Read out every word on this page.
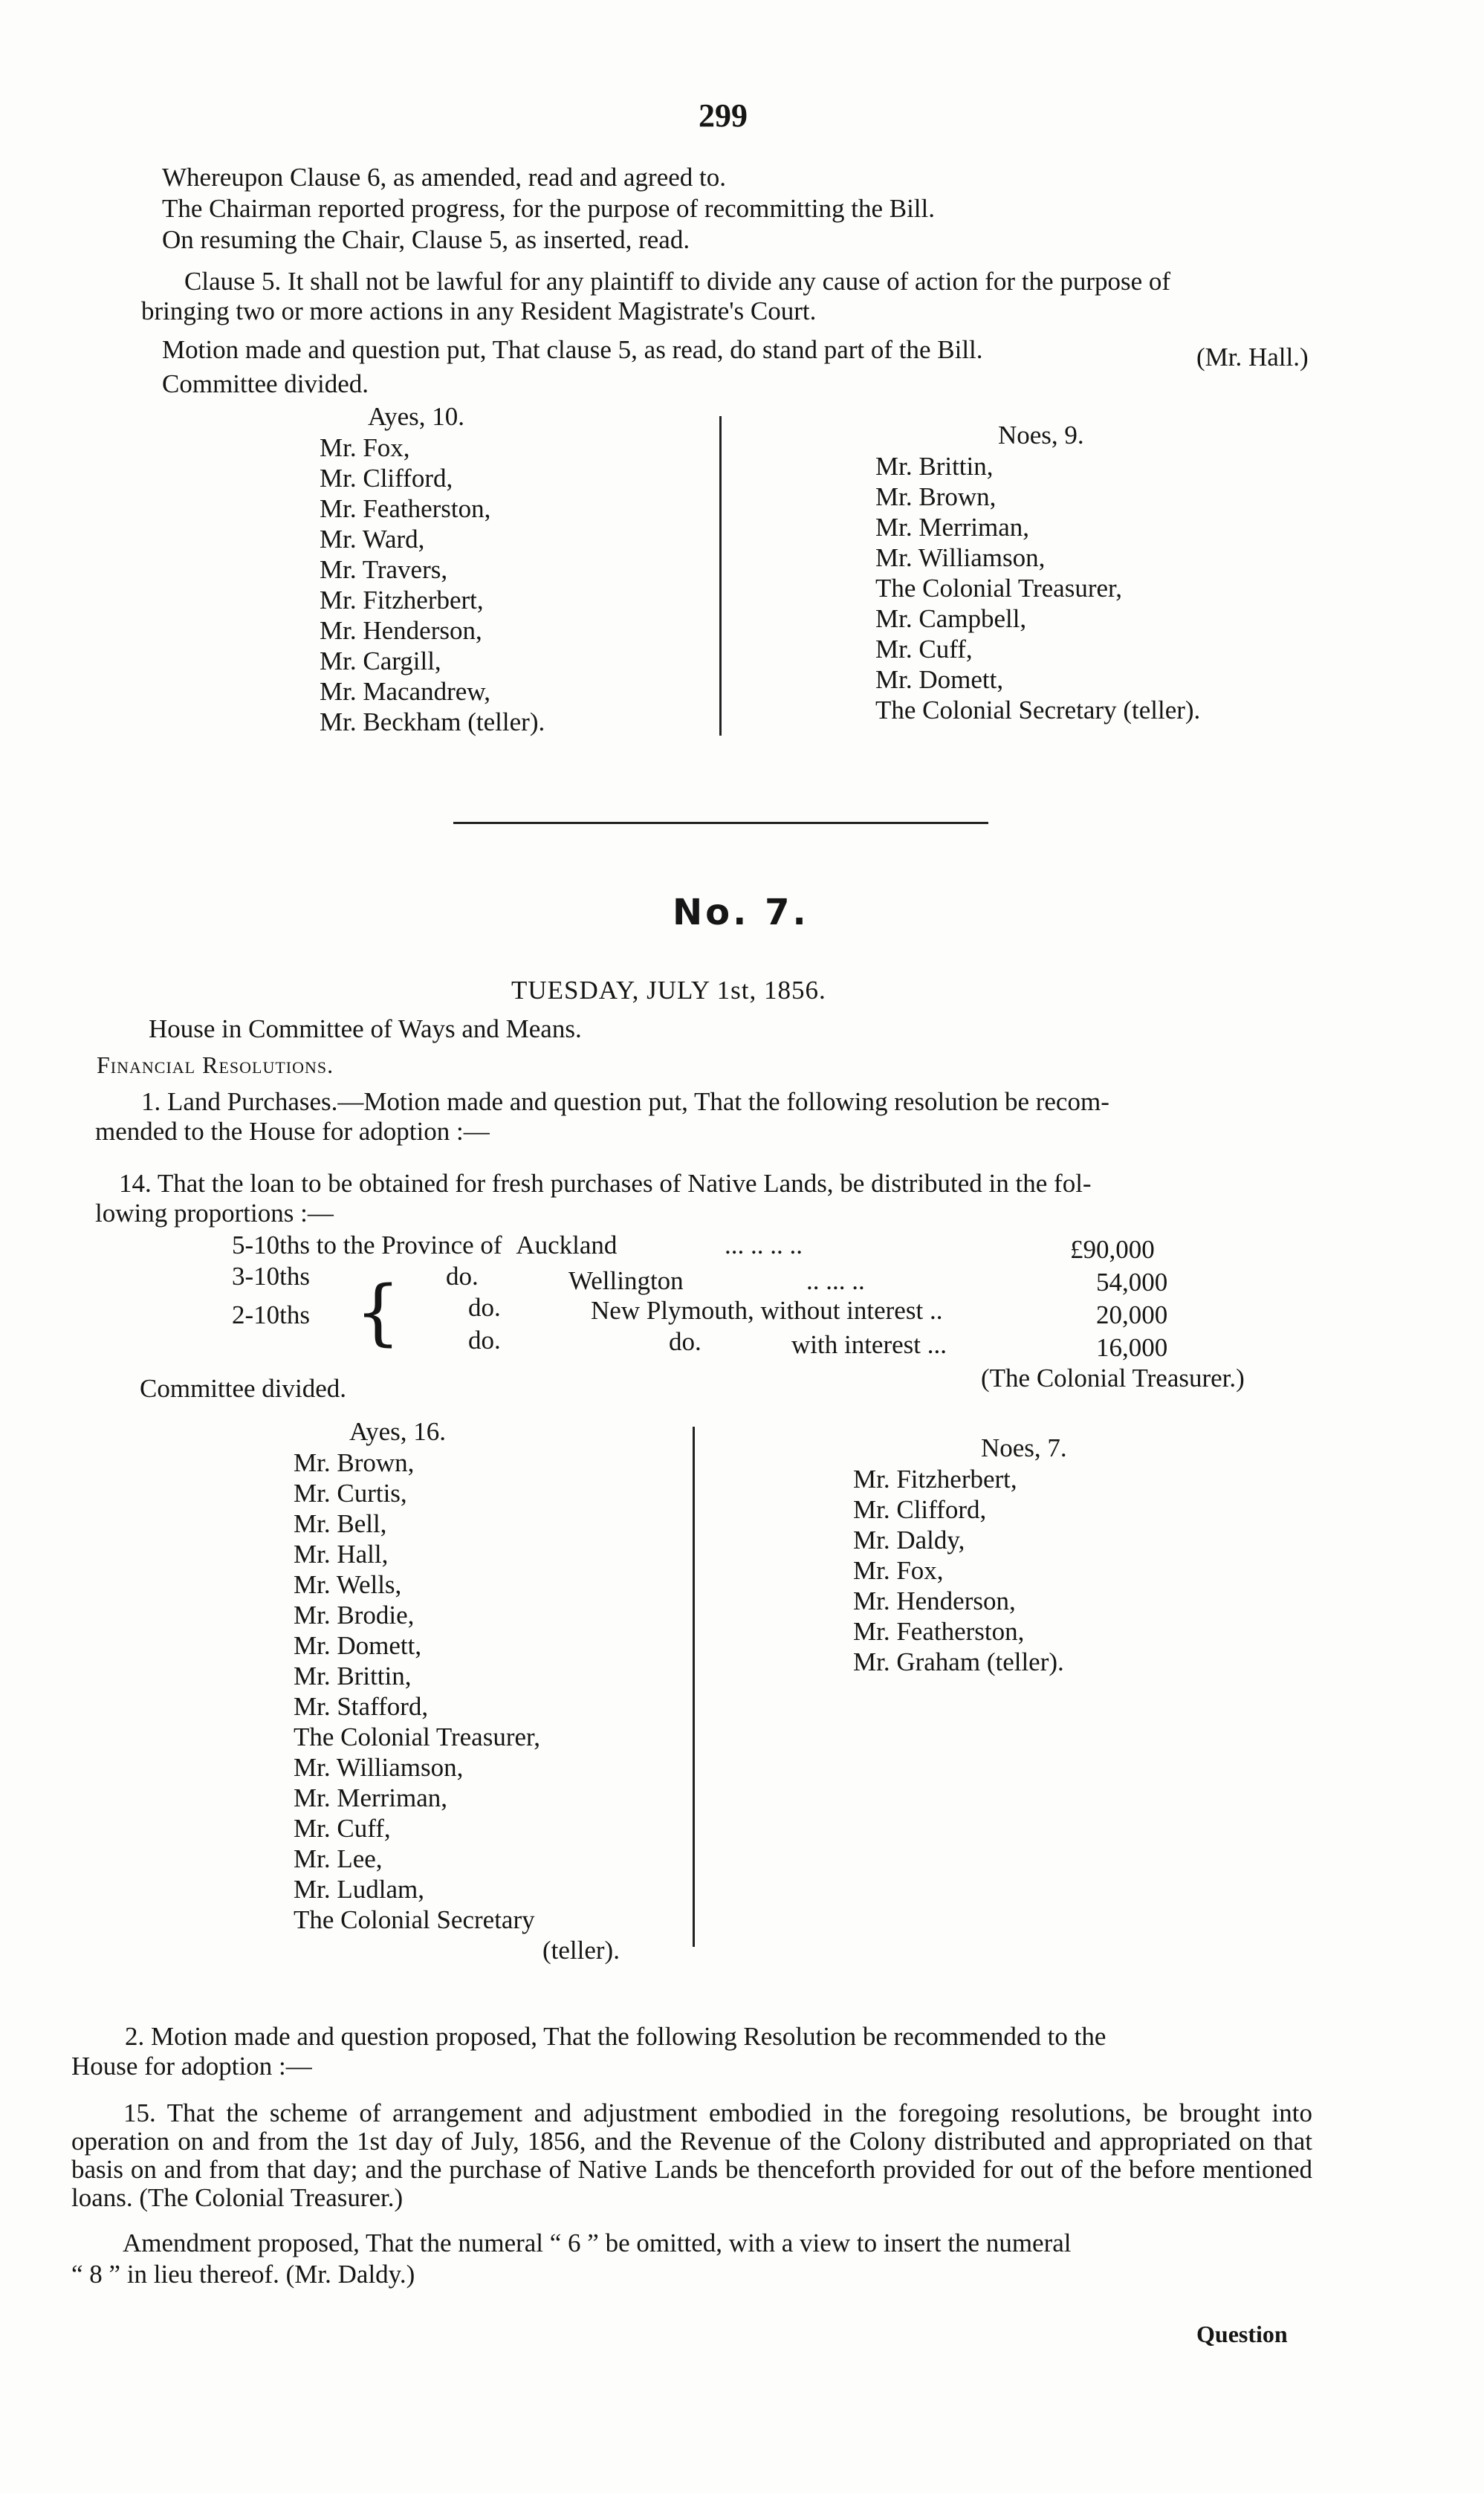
299
Whereupon Clause 6, as amended, read and agreed to.
The Chairman reported progress, for the purpose of recommitting the Bill.
On resuming the Chair, Clause 5, as inserted, read.
Clause 5. It shall not be lawful for any plaintiff to divide any cause of action for the purpose of
bringing two or more actions in any Resident Magistrate's Court.
Motion made and question put, That clause 5, as read, do stand part of the Bill.	(Mr. Hall.)
Committee divided.
Ayes, 10.
Mr. Fox,
Mr. Clifford,
Mr. Featherston,
Mr. Ward,
Mr. Travers,
Mr. Fitzherbert,
Mr. Henderson,
Mr. Cargill,
Mr. Macandrew,
Mr. Beckham (teller).
Noes, 9.
Mr. Brittin,
Mr. Brown,
Mr. Merriman,
Mr. Williamson,
The Colonial Treasurer,
Mr. Campbell,
Mr. Cuff,
Mr. Domett,
The Colonial Secretary (teller).
No. 7.
TUESDAY, JULY 1st, 1856.
House in Committee of Ways and Means.
Financial Resolutions.
1. Land Purchases.—Motion made and question put, That the following resolution be recom-
mended to the House for adoption :—
14. That the loan to be obtained for fresh purchases of Native Lands, be distributed in the fol-
lowing proportions :—
5-10ths to the Province of Auckland	... .. .. ..	£90,000
3-10ths	do.	Wellington	.. ... ..	54,000
2-10ths {	do.	New Plymouth, without interest ..	20,000
do.	do.	with interest ...	16,000
(The Colonial Treasurer.)
Committee divided.
Ayes, 16.
Mr. Brown,
Mr. Curtis,
Mr. Bell,
Mr. Hall,
Mr. Wells,
Mr. Brodie,
Mr. Domett,
Mr. Brittin,
Mr. Stafford,
The Colonial Treasurer,
Mr. Williamson,
Mr. Merriman,
Mr. Cuff,
Mr. Lee,
Mr. Ludlam,
The Colonial Secretary
(teller).
Noes, 7.
Mr. Fitzherbert,
Mr. Clifford,
Mr. Daldy,
Mr. Fox,
Mr. Henderson,
Mr. Featherston,
Mr. Graham (teller).
2. Motion made and question proposed, That the following Resolution be recommended to the
House for adoption :—
15. That the scheme of arrangement and adjustment embodied in the foregoing resolutions, be brought into operation on and from the 1st day of July, 1856, and the Revenue of the Colony distributed and appropriated on that basis on and from that day; and the purchase of Native Lands be thenceforth provided for out of the before mentioned loans. (The Colonial Treasurer.)
Amendment proposed, That the numeral “ 6 ” be omitted, with a view to insert the numeral
“ 8 ” in lieu thereof. (Mr. Daldy.)
Question
